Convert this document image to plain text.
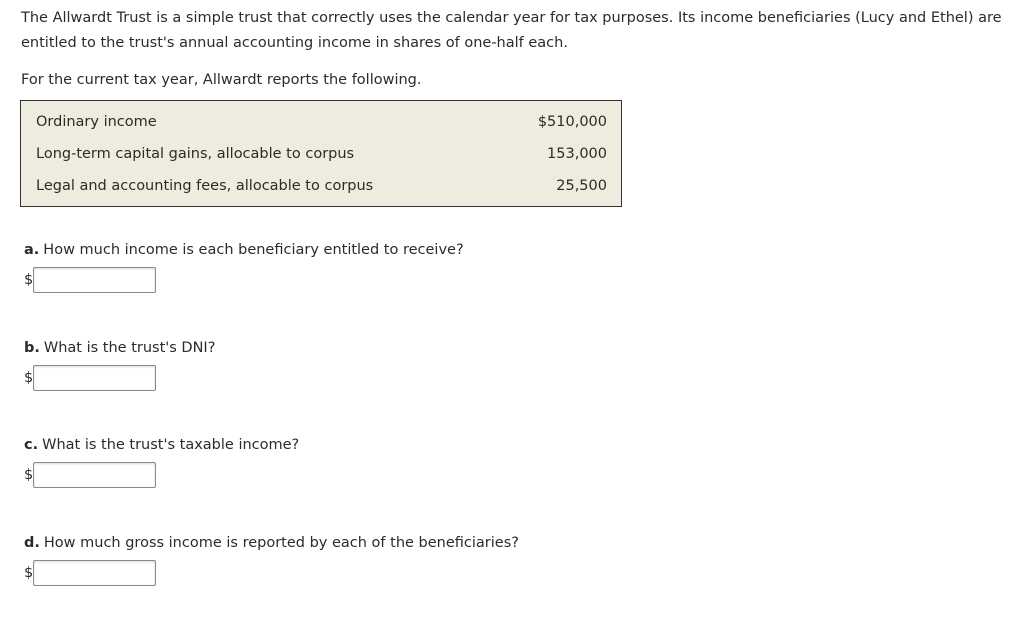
The Allwardt Trust is a simple trust that correctly uses the calendar year for tax purposes. Its income beneficiaries (Lucy and Ethel) are entitled to the trust's annual accounting income in shares of one-half each.

For the current tax year, Allwardt reports the following.

Ordinary income	$510,000
Long-term capital gains, allocable to corpus	153,000
Legal and accounting fees, allocable to corpus	25,500

a. How much income is each beneficiary entitled to receive?

$

b. What is the trust's DNI?

$

c. What is the trust's taxable income?

$

d. How much gross income is reported by each of the beneficiaries?

$
